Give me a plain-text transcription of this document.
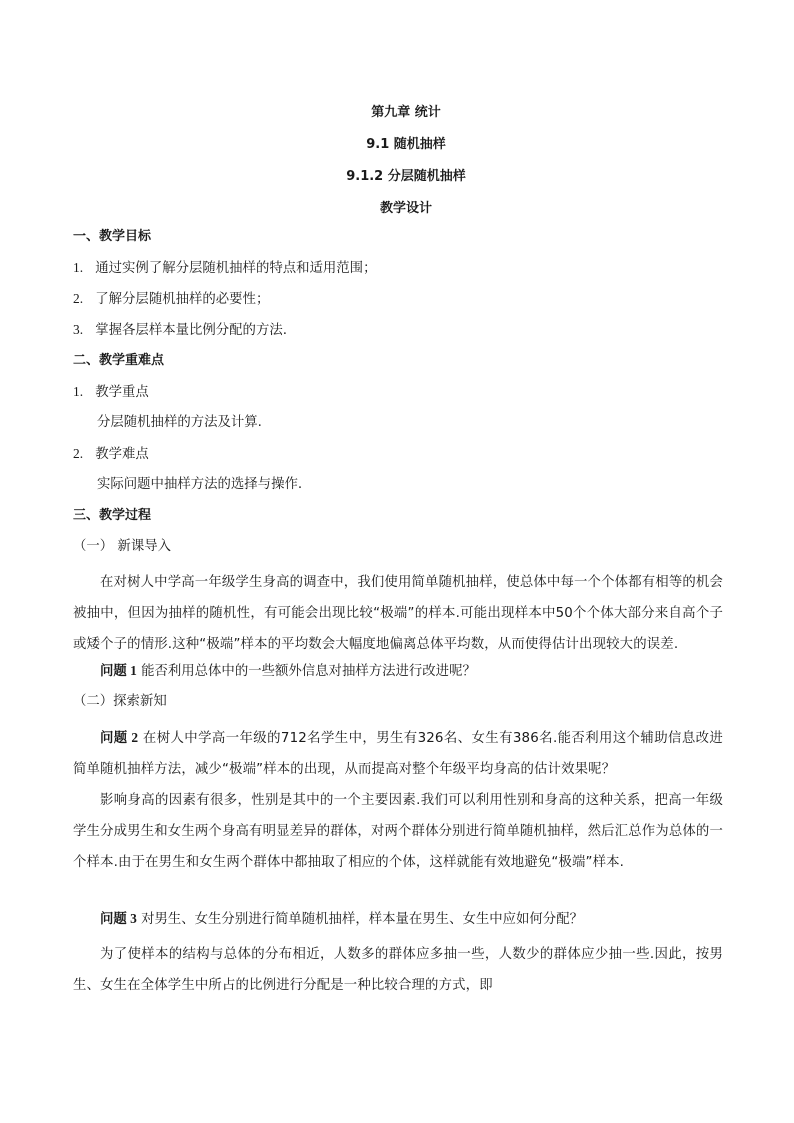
第九章 统计
9.1 随机抽样
9.1.2 分层随机抽样
教学设计
一、教学目标
1. 通过实例了解分层随机抽样的特点和适用范围；
2. 了解分层随机抽样的必要性；
3. 掌握各层样本量比例分配的方法.
二、教学重难点
1. 教学重点
分层随机抽样的方法及计算.
2. 教学难点
实际问题中抽样方法的选择与操作.
三、教学过程
（一） 新课导入
在对树人中学高一年级学生身高的调查中，我们使用简单随机抽样，使总体中每一个个体都有相等的机会被抽中，但因为抽样的随机性，有可能会出现比较“极端”的样本.可能出现样本中50个个体大部分来自高个子或矮个子的情形.这种“极端”样本的平均数会大幅度地偏离总体平均数，从而使得估计出现较大的误差.
问题 1 能否利用总体中的一些额外信息对抽样方法进行改进呢？
（二）探索新知
问题 2 在树人中学高一年级的712名学生中，男生有326名、女生有386名.能否利用这个辅助信息改进简单随机抽样方法，减少“极端”样本的出现，从而提高对整个年级平均身高的估计效果呢？
影响身高的因素有很多，性别是其中的一个主要因素.我们可以利用性别和身高的这种关系，把高一年级学生分成男生和女生两个身高有明显差异的群体，对两个群体分别进行简单随机抽样，然后汇总作为总体的一个样本.由于在男生和女生两个群体中都抽取了相应的个体，这样就能有效地避免“极端”样本.
问题 3 对男生、女生分别进行简单随机抽样，样本量在男生、女生中应如何分配？
为了使样本的结构与总体的分布相近，人数多的群体应多抽一些，人数少的群体应少抽一些.因此，按男生、女生在全体学生中所占的比例进行分配是一种比较合理的方式，即
